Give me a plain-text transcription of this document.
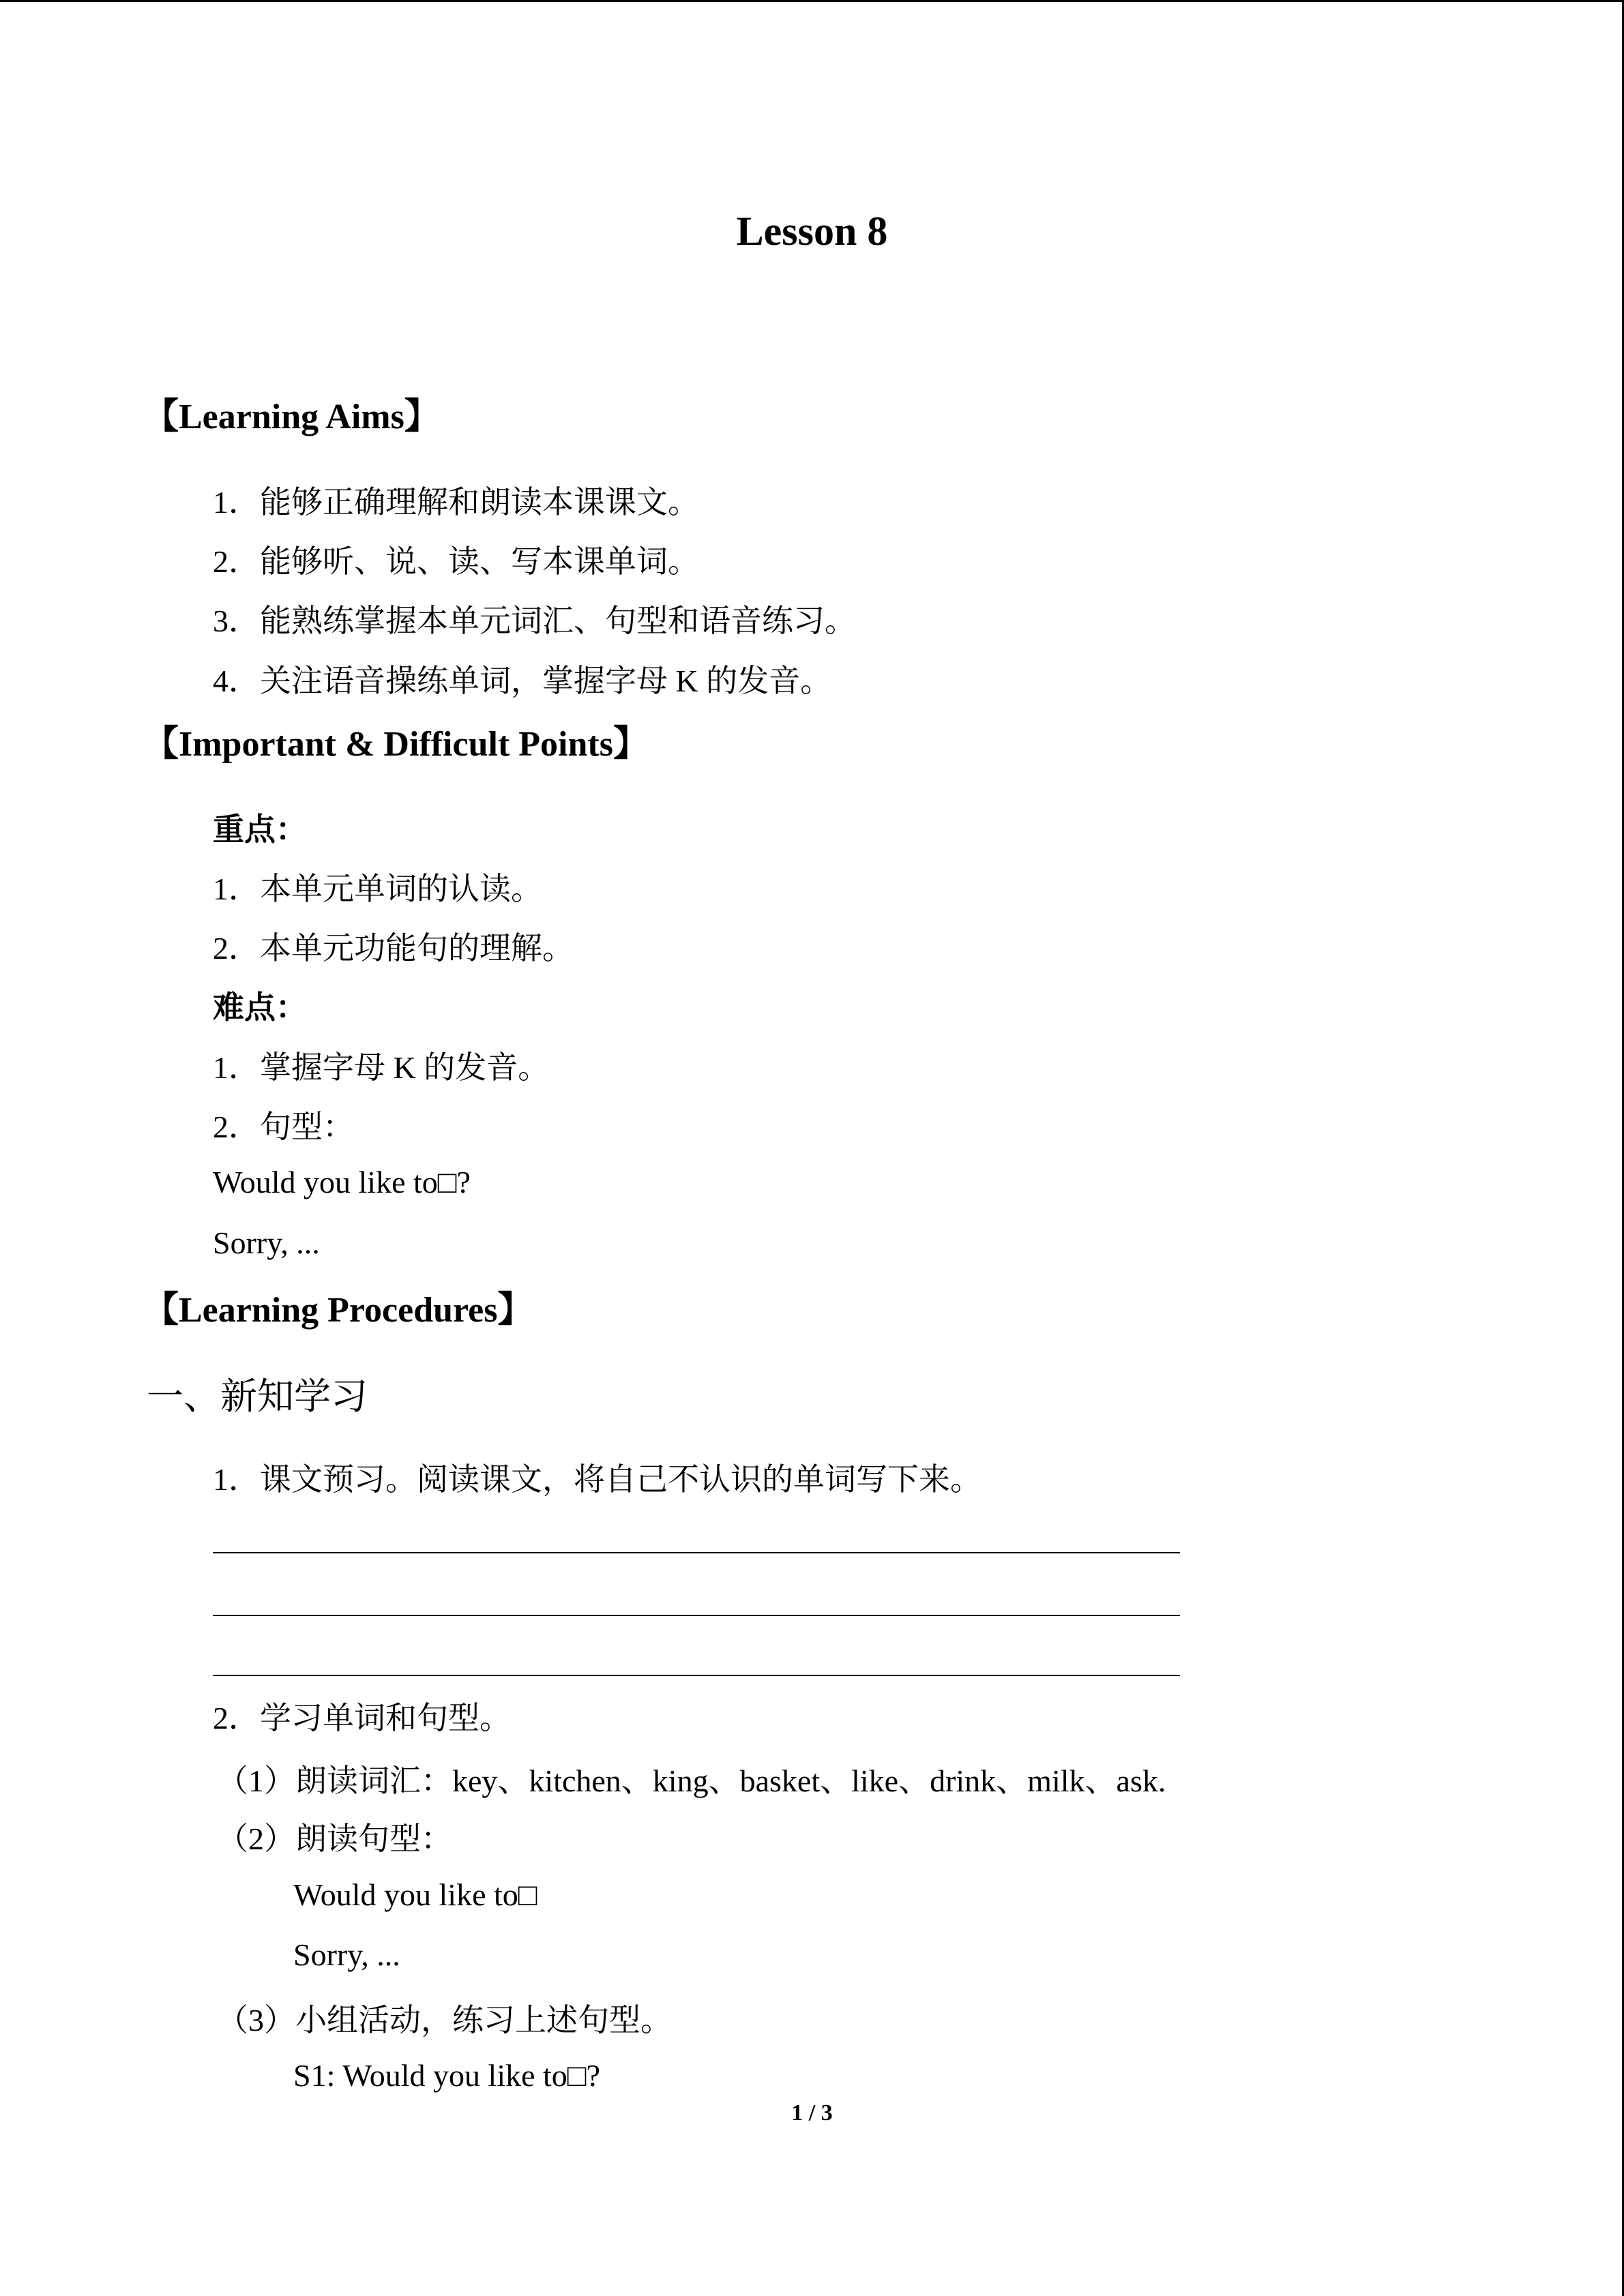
Lesson 8
【Learning Aims】
1．能够正确理解和朗读本课课文。
2．能够听、说、读、写本课单词。
3．能熟练掌握本单元词汇、句型和语音练习。
4．关注语音操练单词，掌握字母 K 的发音。
【Important & Difficult Points】
重点：
1．本单元单词的认读。
2．本单元功能句的理解。
难点：
1．掌握字母 K 的发音。
2．句型：
Would you like to□?
Sorry, ...
【Learning Procedures】
一、新知学习
1．课文预习。阅读课文，将自己不认识的单词写下来。
2．学习单词和句型。
（1）朗读词汇：key、kitchen、king、basket、like、drink、milk、ask.
（2）朗读句型：
Would you like to□
Sorry, ...
（3）小组活动，练习上述句型。
S1: Would you like to□?
1 / 3
